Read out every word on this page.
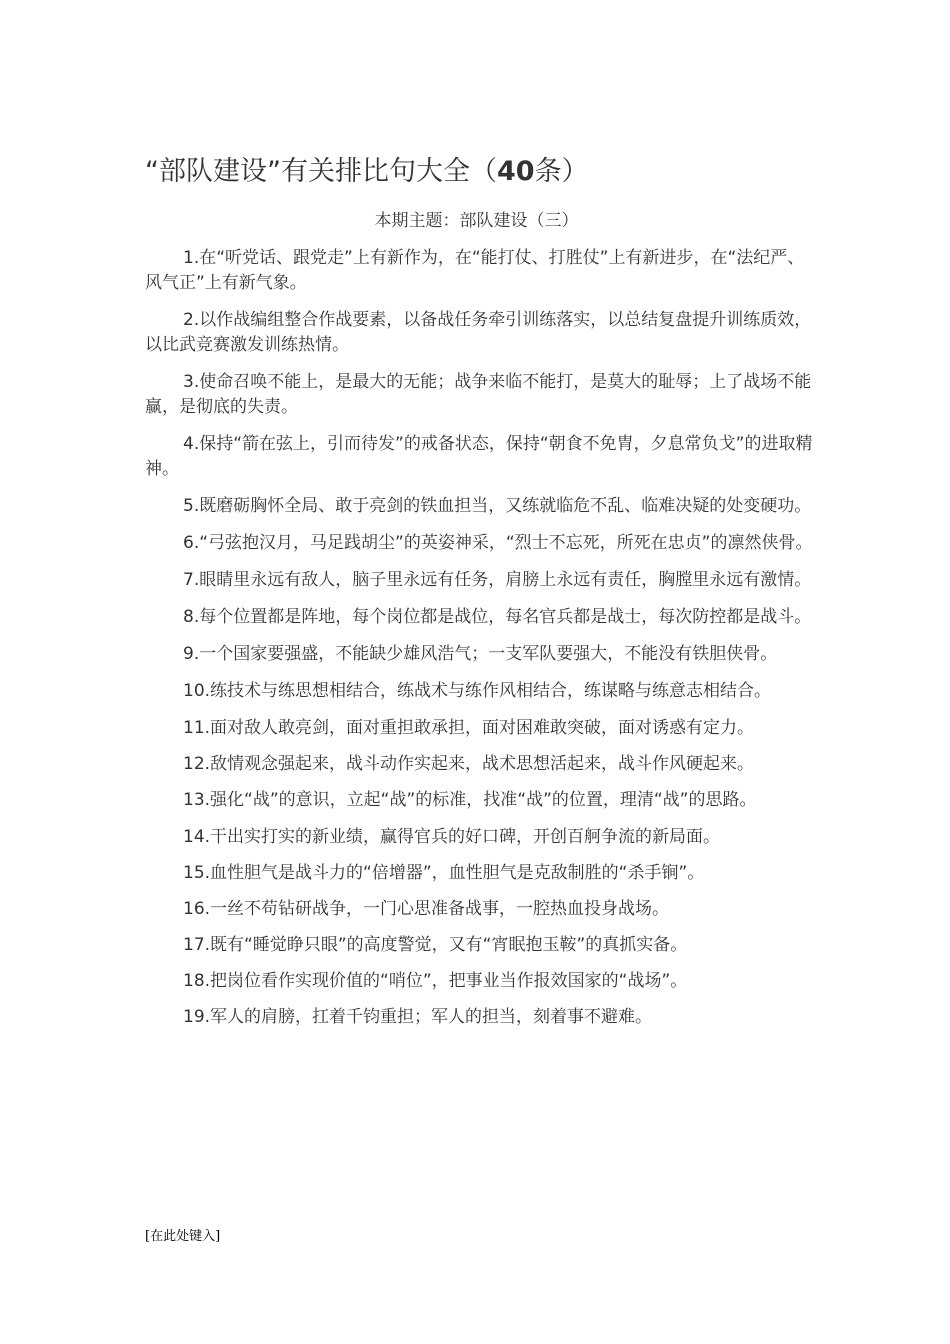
“部队建设”有关排比句大全（40条）
本期主题：部队建设（三）

1.在“听党话、跟党走”上有新作为，在“能打仗、打胜仗”上有新进步，在“法纪严、风气正”上有新气象。

2.以作战编组整合作战要素，以备战任务牵引训练落实，以总结复盘提升训练质效，以比武竞赛激发训练热情。

3.使命召唤不能上，是最大的无能；战争来临不能打，是莫大的耻辱；上了战场不能赢，是彻底的失责。

4.保持“箭在弦上，引而待发”的戒备状态，保持“朝食不免胄，夕息常负戈”的进取精神。

5.既磨砺胸怀全局、敢于亮剑的铁血担当，又练就临危不乱、临难决疑的处变硬功。

6.“弓弦抱汉月，马足践胡尘”的英姿神采，“烈士不忘死，所死在忠贞”的凛然侠骨。

7.眼睛里永远有敌人，脑子里永远有任务，肩膀上永远有责任，胸膛里永远有激情。

8.每个位置都是阵地，每个岗位都是战位，每名官兵都是战士，每次防控都是战斗。

9.一个国家要强盛，不能缺少雄风浩气；一支军队要强大，不能没有铁胆侠骨。

10.练技术与练思想相结合，练战术与练作风相结合，练谋略与练意志相结合。

11.面对敌人敢亮剑，面对重担敢承担，面对困难敢突破，面对诱惑有定力。

12.敌情观念强起来，战斗动作实起来，战术思想活起来，战斗作风硬起来。

13.强化“战”的意识，立起“战”的标准，找准“战”的位置，理清“战”的思路。

14.干出实打实的新业绩，赢得官兵的好口碑，开创百舸争流的新局面。

15.血性胆气是战斗力的“倍增器”，血性胆气是克敌制胜的“杀手锏”。

16.一丝不苟钻研战争，一门心思准备战事，一腔热血投身战场。

17.既有“睡觉睁只眼”的高度警觉，又有“宵眠抱玉鞍”的真抓实备。

18.把岗位看作实现价值的“哨位”，把事业当作报效国家的“战场”。

19.军人的肩膀，扛着千钧重担；军人的担当，刻着事不避难。

[在此处键入]
